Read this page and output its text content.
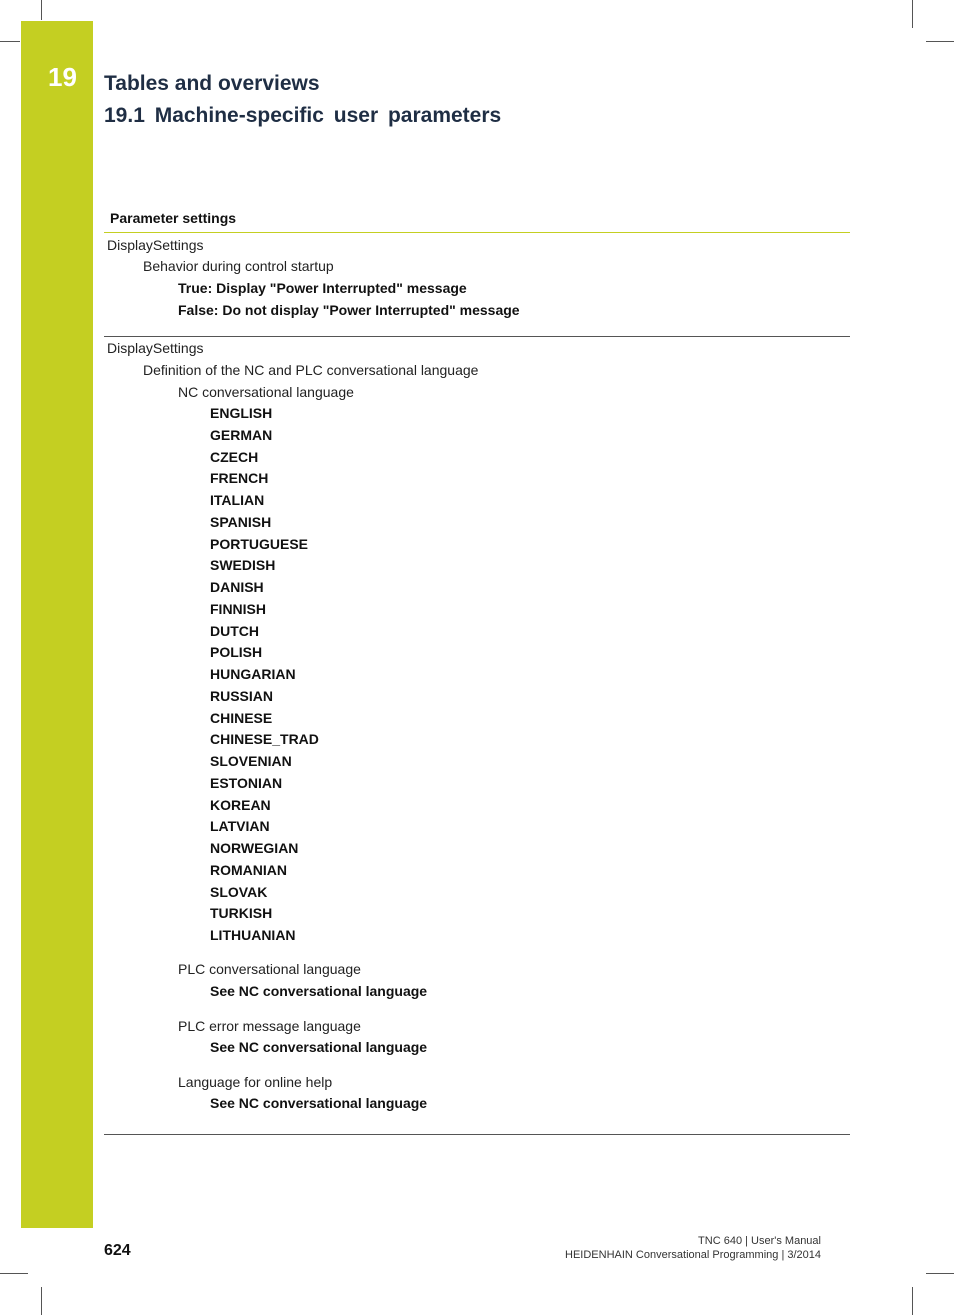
19 Tables and overviews
19.1 Machine-specific user parameters
Parameter settings
DisplaySettings
Behavior during control startup
True: Display "Power Interrupted" message
False: Do not display "Power Interrupted" message
DisplaySettings
Definition of the NC and PLC conversational language
NC conversational language
ENGLISH
GERMAN
CZECH
FRENCH
ITALIAN
SPANISH
PORTUGUESE
SWEDISH
DANISH
FINNISH
DUTCH
POLISH
HUNGARIAN
RUSSIAN
CHINESE
CHINESE_TRAD
SLOVENIAN
ESTONIAN
KOREAN
LATVIAN
NORWEGIAN
ROMANIAN
SLOVAK
TURKISH
LITHUANIAN
PLC conversational language
See NC conversational language
PLC error message language
See NC conversational language
Language for online help
See NC conversational language
624
TNC 640 | User's Manual
HEIDENHAIN Conversational Programming | 3/2014
